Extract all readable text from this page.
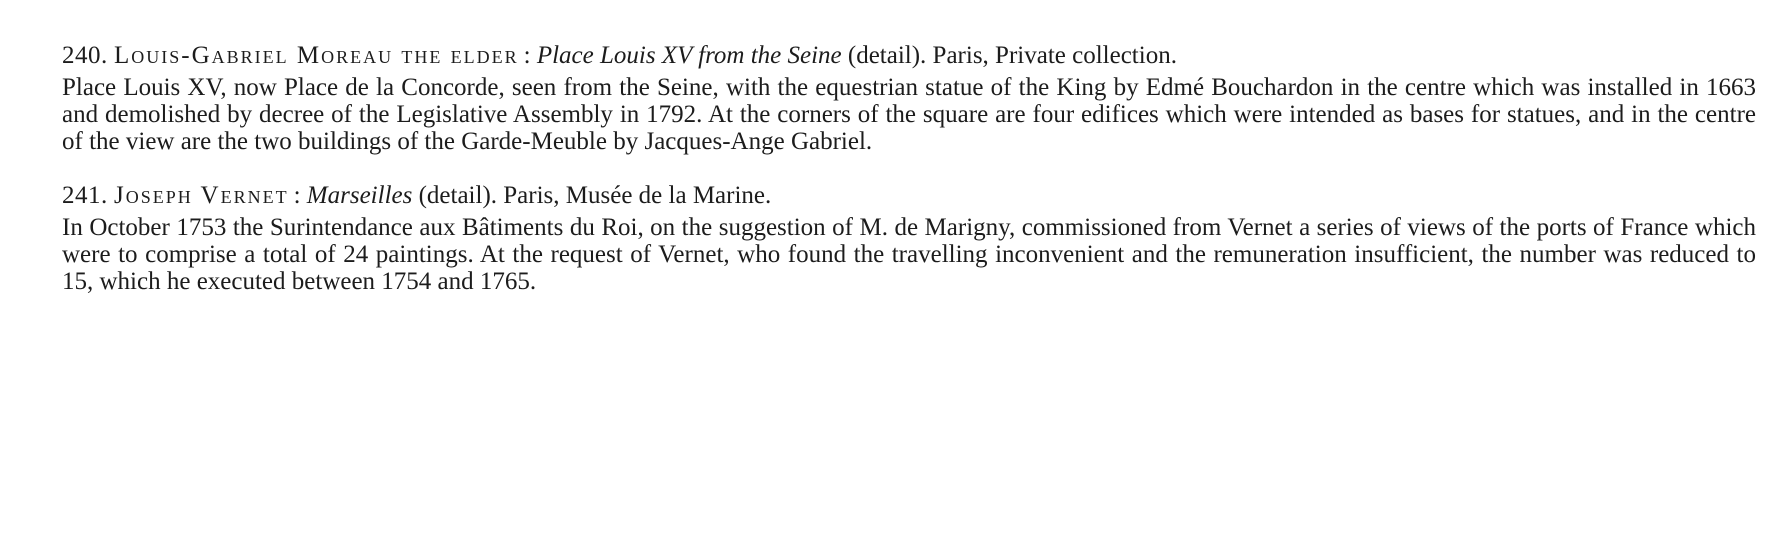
240. Louis-Gabriel Moreau the elder : Place Louis XV from the Seine (detail). Paris, Private collection.

Place Louis XV, now Place de la Concorde, seen from the Seine, with the equestrian statue of the King by Edmé Bouchardon in the centre which was installed in 1663 and demolished by decree of the Legislative Assembly in 1792. At the corners of the square are four edifices which were intended as bases for statues, and in the centre of the view are the two buildings of the Garde-Meuble by Jacques-Ange Gabriel.

241. Joseph Vernet : Marseilles (detail). Paris, Musée de la Marine.

In October 1753 the Surintendance aux Bâtiments du Roi, on the suggestion of M. de Marigny, commissioned from Vernet a series of views of the ports of France which were to comprise a total of 24 paintings. At the request of Vernet, who found the travelling inconvenient and the remuneration insufficient, the number was reduced to 15, which he executed between 1754 and 1765.
